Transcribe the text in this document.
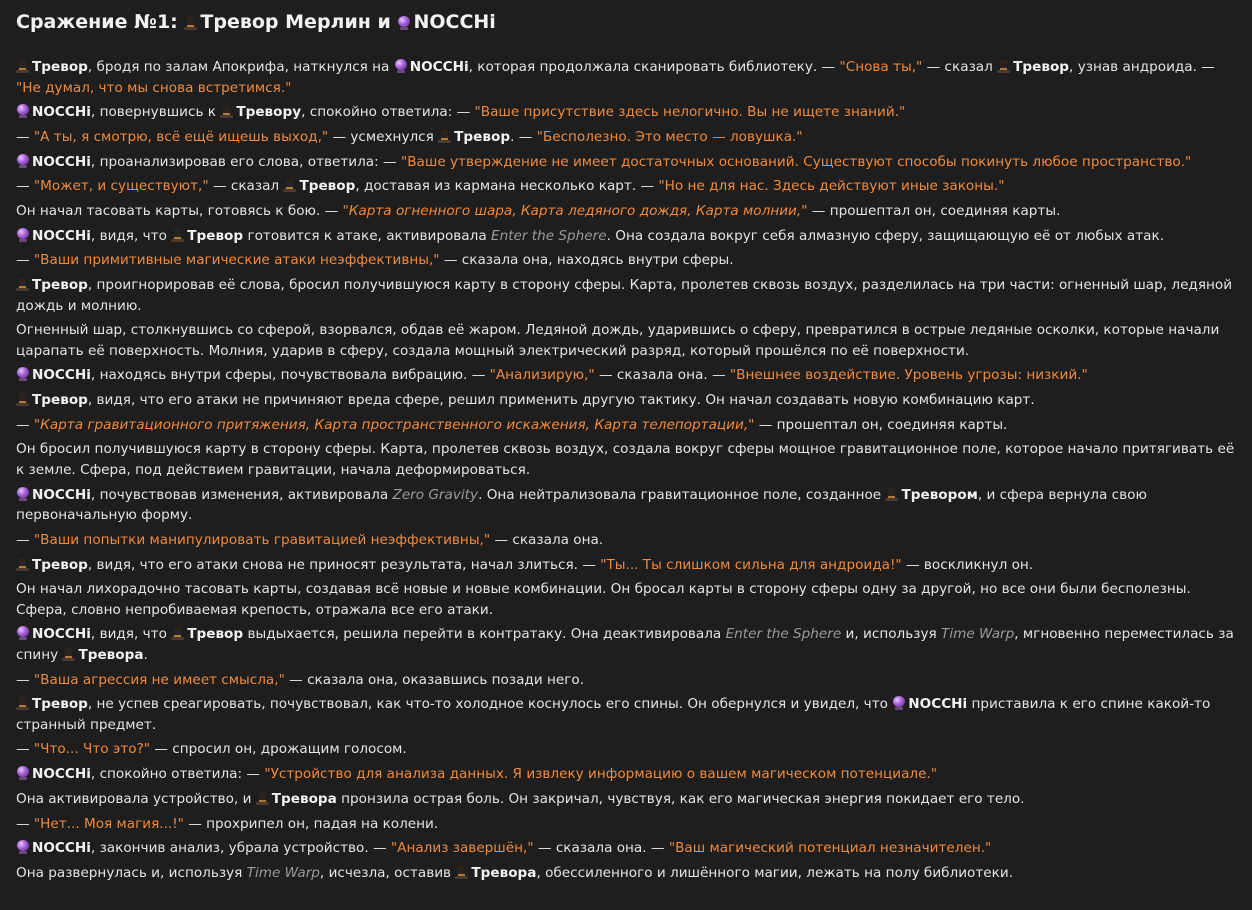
Сражение №1:
Тревор Мерлин и
NOCCHi
Тревор, бродя по залам Апокрифа, наткнулся на
NOCCHi, которая продолжала сканировать библиотеку. — "Снова ты," — сказал
Тревор, узнав андроида. — "Не думал, что мы снова встретимся."
NOCCHi, повернувшись к
Тревору, спокойно ответила: — "Ваше присутствие здесь нелогично. Вы не ищете знаний."
— "А ты, я смотрю, всё ещё ищешь выход," — усмехнулся
Тревор. — "Бесполезно. Это место — ловушка."
NOCCHi, проанализировав его слова, ответила: — "Ваше утверждение не имеет достаточных оснований. Существуют способы покинуть любое пространство."
— "Может, и существуют," — сказал
Тревор, доставая из кармана несколько карт. — "Но не для нас. Здесь действуют иные законы."
Он начал тасовать карты, готовясь к бою. — "Карта огненного шара, Карта ледяного дождя, Карта молнии," — прошептал он, соединяя карты.
NOCCHi, видя, что
Тревор готовится к атаке, активировала Enter the Sphere. Она создала вокруг себя алмазную сферу, защищающую её от любых атак.
— "Ваши примитивные магические атаки неэффективны," — сказала она, находясь внутри сферы.
Тревор, проигнорировав её слова, бросил получившуюся карту в сторону сферы. Карта, пролетев сквозь воздух, разделилась на три части: огненный шар, ледяной дождь и молнию.
Огненный шар, столкнувшись со сферой, взорвался, обдав её жаром. Ледяной дождь, ударившись о сферу, превратился в острые ледяные осколки, которые начали царапать её поверхность. Молния, ударив в сферу, создала мощный электрический разряд, который прошёлся по её поверхности.
NOCCHi, находясь внутри сферы, почувствовала вибрацию. — "Анализирую," — сказала она. — "Внешнее воздействие. Уровень угрозы: низкий."
Тревор, видя, что его атаки не причиняют вреда сфере, решил применить другую тактику. Он начал создавать новую комбинацию карт.
— "Карта гравитационного притяжения, Карта пространственного искажения, Карта телепортации," — прошептал он, соединяя карты.
Он бросил получившуюся карту в сторону сферы. Карта, пролетев сквозь воздух, создала вокруг сферы мощное гравитационное поле, которое начало притягивать её к земле. Сфера, под действием гравитации, начала деформироваться.
NOCCHi, почувствовав изменения, активировала Zero Gravity. Она нейтрализовала гравитационное поле, созданное
Тревором, и сфера вернула свою первоначальную форму.
— "Ваши попытки манипулировать гравитацией неэффективны," — сказала она.
Тревор, видя, что его атаки снова не приносят результата, начал злиться. — "Ты... Ты слишком сильна для андроида!" — воскликнул он.
Он начал лихорадочно тасовать карты, создавая всё новые и новые комбинации. Он бросал карты в сторону сферы одну за другой, но все они были бесполезны. Сфера, словно непробиваемая крепость, отражала все его атаки.
NOCCHi, видя, что
Тревор выдыхается, решила перейти в контратаку. Она деактивировала Enter the Sphere и, используя Time Warp, мгновенно переместилась за спину
Тревора.
— "Ваша агрессия не имеет смысла," — сказала она, оказавшись позади него.
Тревор, не успев среагировать, почувствовал, как что-то холодное коснулось его спины. Он обернулся и увидел, что
NOCCHi приставила к его спине какой-то странный предмет.
— "Что... Что это?" — спросил он, дрожащим голосом.
NOCCHi, спокойно ответила: — "Устройство для анализа данных. Я извлеку информацию о вашем магическом потенциале."
Она активировала устройство, и
Тревора пронзила острая боль. Он закричал, чувствуя, как его магическая энергия покидает его тело.
— "Нет... Моя магия...!" — прохрипел он, падая на колени.
NOCCHi, закончив анализ, убрала устройство. — "Анализ завершён," — сказала она. — "Ваш магический потенциал незначителен."
Она развернулась и, используя Time Warp, исчезла, оставив
Тревора, обессиленного и лишённого магии, лежать на полу библиотеки.
